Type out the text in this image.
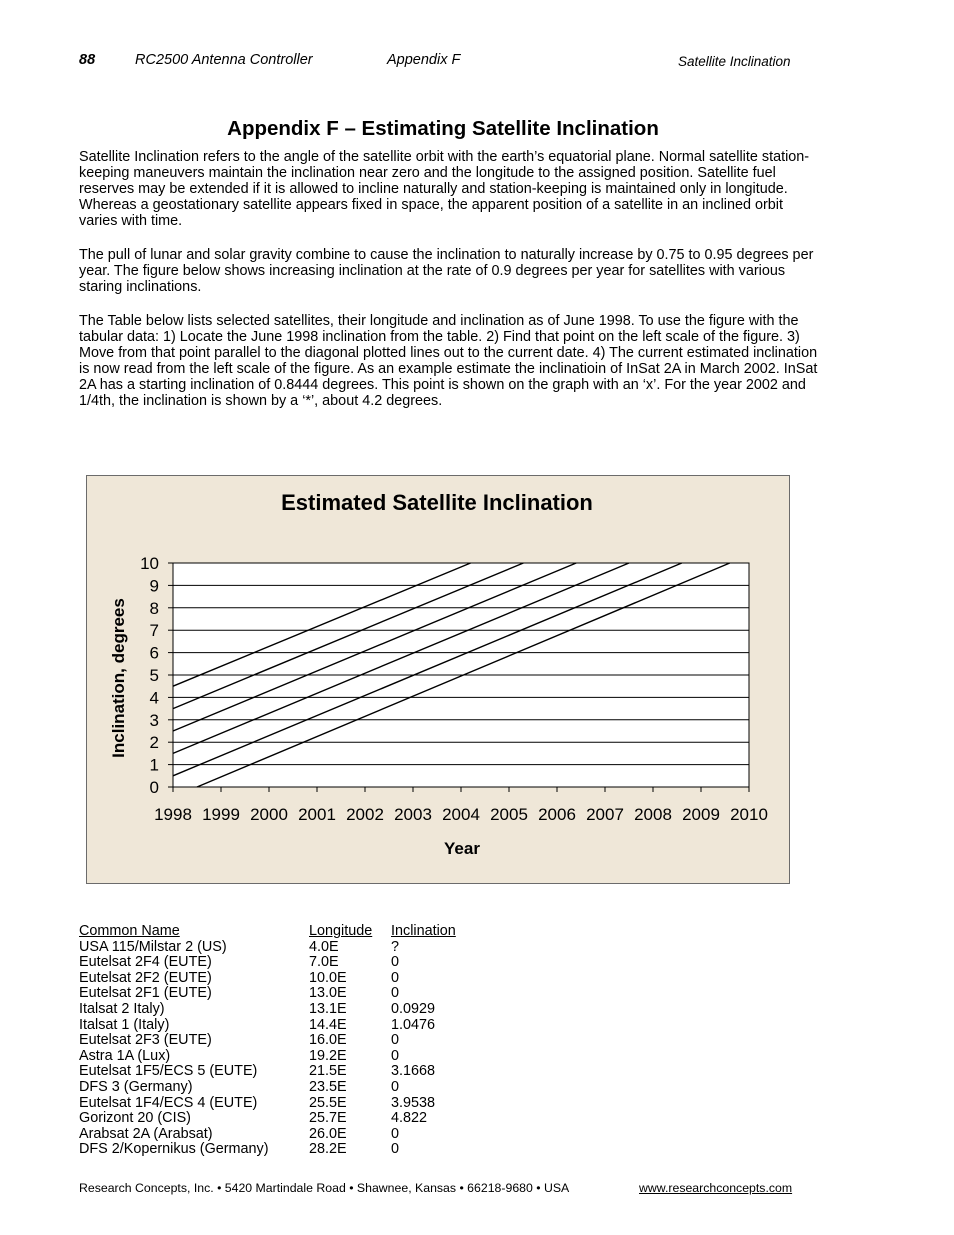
88	RC2500 Antenna Controller	Appendix F	Satellite Inclination
Appendix F – Estimating Satellite Inclination

Satellite Inclination refers to the angle of the satellite orbit with the earth’s equatorial plane. Normal satellite station-keeping maneuvers maintain the inclination near zero and the longitude to the assigned position. Satellite fuel reserves may be extended if it is allowed to incline naturally and station-keeping is maintained only in longitude. Whereas a geostationary satellite appears fixed in space, the apparent position of a satellite in an inclined orbit varies with time.

The pull of lunar and solar gravity combine to cause the inclination to naturally increase by 0.75 to 0.95 degrees per year. The figure below shows increasing inclination at the rate of 0.9 degrees per year for satellites with various staring inclinations.

The Table below lists selected satellites, their longitude and inclination as of June 1998. To use the figure with the tabular data: 1) Locate the June 1998 inclination from the table. 2) Find that point on the left scale of the figure. 3) Move from that point parallel to the diagonal plotted lines out to the current date. 4) The current estimated inclination is now read from the left scale of the figure. As an example estimate the inclinatioin of InSat 2A in March 2002. InSat 2A has a starting inclination of 0.8444 degrees. This point is shown on the graph with an ‘x’. For the year 2002 and 1/4th, the inclination is shown by a ‘*’, about 4.2 degrees.

Estimated Satellite Inclination
0
1
2
3
4
5
6
7
8
9
10
1998 1999 2000 2001 2002 2003 2004 2005 2006 2007 2008 2009 2010
Year
Inclination, degrees
Common Name	Longitude Inclination
USA 115/Milstar 2 (US)	4.0E	?
Eutelsat 2F4 (EUTE)	7.0E	0
Eutelsat 2F2 (EUTE)	10.0E	0
Eutelsat 2F1 (EUTE)	13.0E	0
Italsat 2 Italy)	13.1E	0.0929
Italsat 1 (Italy)	14.4E	1.0476
Eutelsat 2F3 (EUTE)	16.0E	0
Astra 1A (Lux)	19.2E	0
Eutelsat 1F5/ECS 5 (EUTE)	21.5E	3.1668
DFS 3 (Germany)	23.5E	0
Eutelsat 1F4/ECS 4 (EUTE)	25.5E	3.9538
Gorizont 20 (CIS)	25.7E	4.822
Arabsat 2A (Arabsat)	26.0E	0
DFS 2/Kopernikus (Germany)	28.2E	0
Research Concepts, Inc. • 5420 Martindale Road • Shawnee, Kansas • 66218-9680 • USA	www.researchconcepts.com
